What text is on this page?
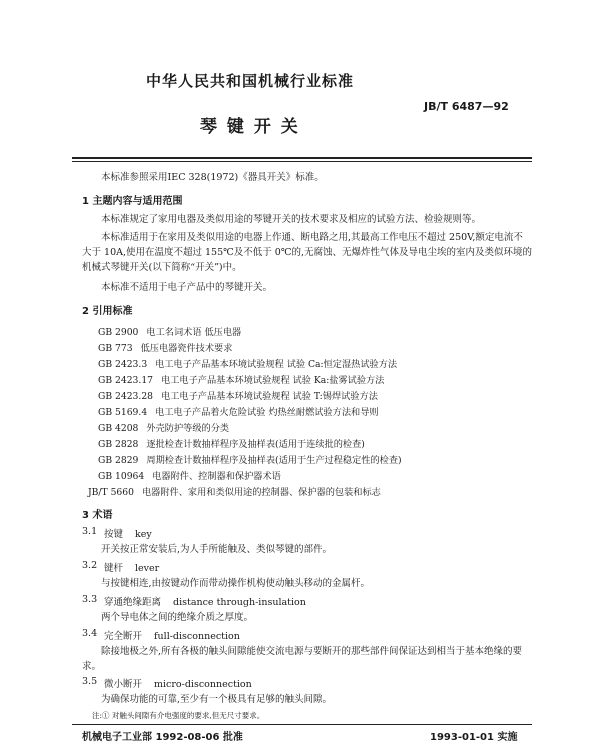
中华人民共和国机械行业标准
JB/T 6487—92
琴 键 开 关
本标准参照采用IEC 328(1972)《器具开关》标准。
1 主题内容与适用范围
本标准规定了家用电器及类似用途的琴键开关的技术要求及相应的试验方法、检验规则等。
本标准适用于在家用及类似用途的电器上作通、断电路之用,其最高工作电压不超过 250V,额定电流不大于 10A,使用在温度不超过 155℃及不低于 0℃的,无腐蚀、无爆炸性气体及导电尘埃的室内及类似环境的机械式琴键开关(以下简称“开关”)中。
本标准不适用于电子产品中的琴键开关。
2 引用标准
GB 2900 电工名词术语 低压电器
GB 773 低压电器瓷件技术要求
GB 2423.3 电工电子产品基本环境试验规程 试验 Ca:恒定湿热试验方法
GB 2423.17 电工电子产品基本环境试验规程 试验 Ka:盐雾试验方法
GB 2423.28 电工电子产品基本环境试验规程 试验 T:锡焊试验方法
GB 5169.4 电工电子产品着火危险试验 灼热丝耐燃试验方法和导则
GB 4208 外壳防护等级的分类
GB 2828 逐批检查计数抽样程序及抽样表(适用于连续批的检查)
GB 2829 周期检查计数抽样程序及抽样表(适用于生产过程稳定性的检查)
GB 10964 电器附件、控制器和保护器术语
JB/T 5660 电器附件、家用和类似用途的控制器、保护器的包装和标志
3 术语
3.1 按键 key
开关按正常安装后,为人手所能触及、类似琴键的部件。
3.2 键杆 lever
与按键相连,由按键动作而带动操作机构使动触头移动的金属杆。
3.3 穿通绝缘距离 distance through-insulation
两个导电体之间的绝缘介质之厚度。
3.4 完全断开 full-disconnection
除接地极之外,所有各极的触头间隙能使交流电源与要断开的那些部件间保证达到相当于基本绝缘的要求。
3.5 微小断开 micro-disconnection
为确保功能的可靠,至少有一个极具有足够的触头间隙。
注:① 对触头间隙有介电强度的要求,但无尺寸要求。
机械电子工业部 1992-08-06 批准	1993-01-01 实施
